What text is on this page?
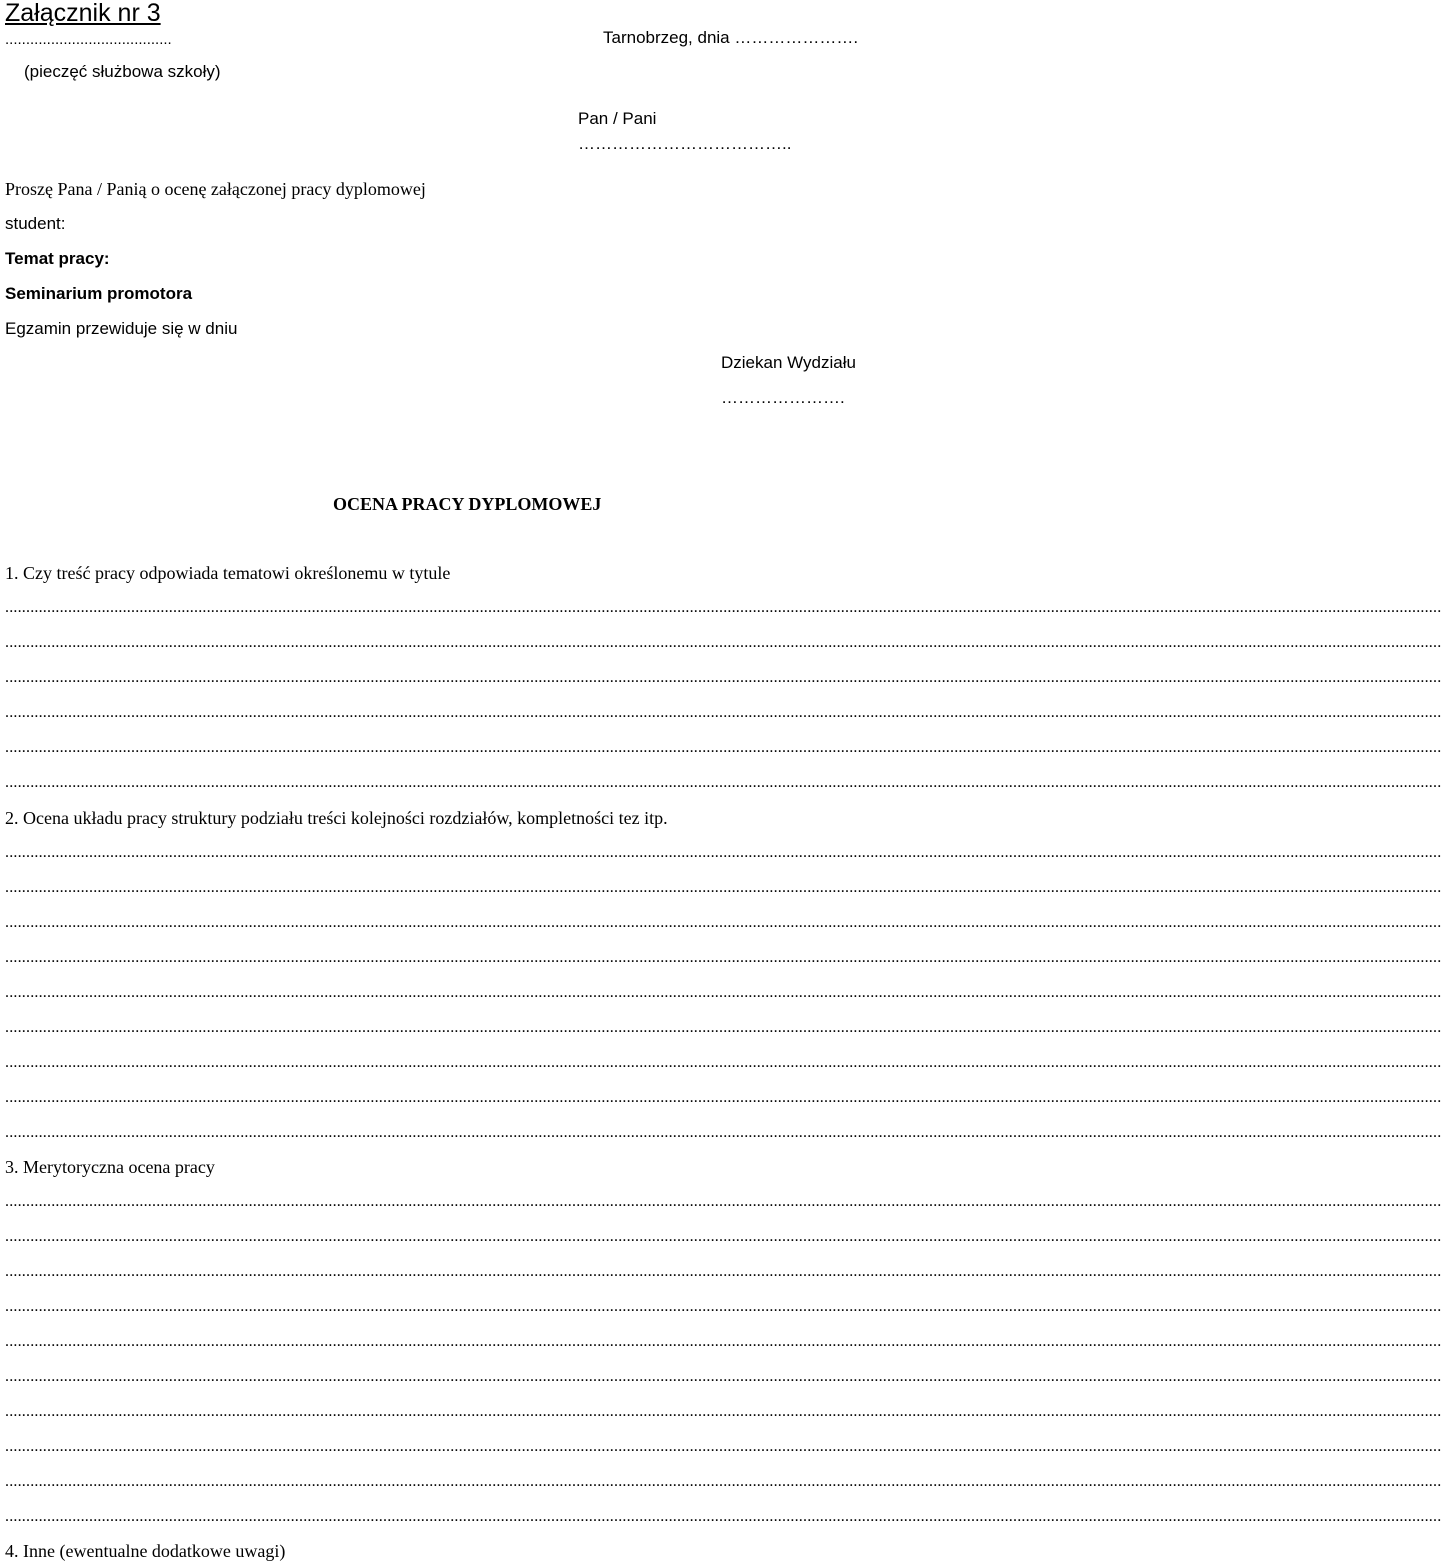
Załącznik nr 3
........................................
(pieczęć służbowa szkoły)
Tarnobrzeg, dnia ………………….
Pan / Pani
………………………………..
Proszę Pana / Panią o ocenę załączonej pracy dyplomowej
student:
Temat pracy:
Seminarium promotora
Egzamin przewiduje się w dniu
Dziekan Wydziału
………………….
OCENA PRACY DYPLOMOWEJ
1. Czy treść pracy odpowiada tematowi określonemu w tytule
......................................................................................................................................................................................................................................................................................................................................................
......................................................................................................................................................................................................................................................................................................................................................
......................................................................................................................................................................................................................................................................................................................................................
......................................................................................................................................................................................................................................................................................................................................................
......................................................................................................................................................................................................................................................................................................................................................
......................................................................................................................................................................................................................................................................................................................................................
2. Ocena układu pracy struktury podziału treści kolejności rozdziałów, kompletności tez itp.
......................................................................................................................................................................................................................................................................................................................................................
......................................................................................................................................................................................................................................................................................................................................................
......................................................................................................................................................................................................................................................................................................................................................
......................................................................................................................................................................................................................................................................................................................................................
......................................................................................................................................................................................................................................................................................................................................................
......................................................................................................................................................................................................................................................................................................................................................
......................................................................................................................................................................................................................................................................................................................................................
......................................................................................................................................................................................................................................................................................................................................................
......................................................................................................................................................................................................................................................................................................................................................
3. Merytoryczna ocena pracy
......................................................................................................................................................................................................................................................................................................................................................
......................................................................................................................................................................................................................................................................................................................................................
......................................................................................................................................................................................................................................................................................................................................................
......................................................................................................................................................................................................................................................................................................................................................
......................................................................................................................................................................................................................................................................................................................................................
......................................................................................................................................................................................................................................................................................................................................................
......................................................................................................................................................................................................................................................................................................................................................
......................................................................................................................................................................................................................................................................................................................................................
......................................................................................................................................................................................................................................................................................................................................................
......................................................................................................................................................................................................................................................................................................................................................
4. Inne (ewentualne dodatkowe uwagi)
